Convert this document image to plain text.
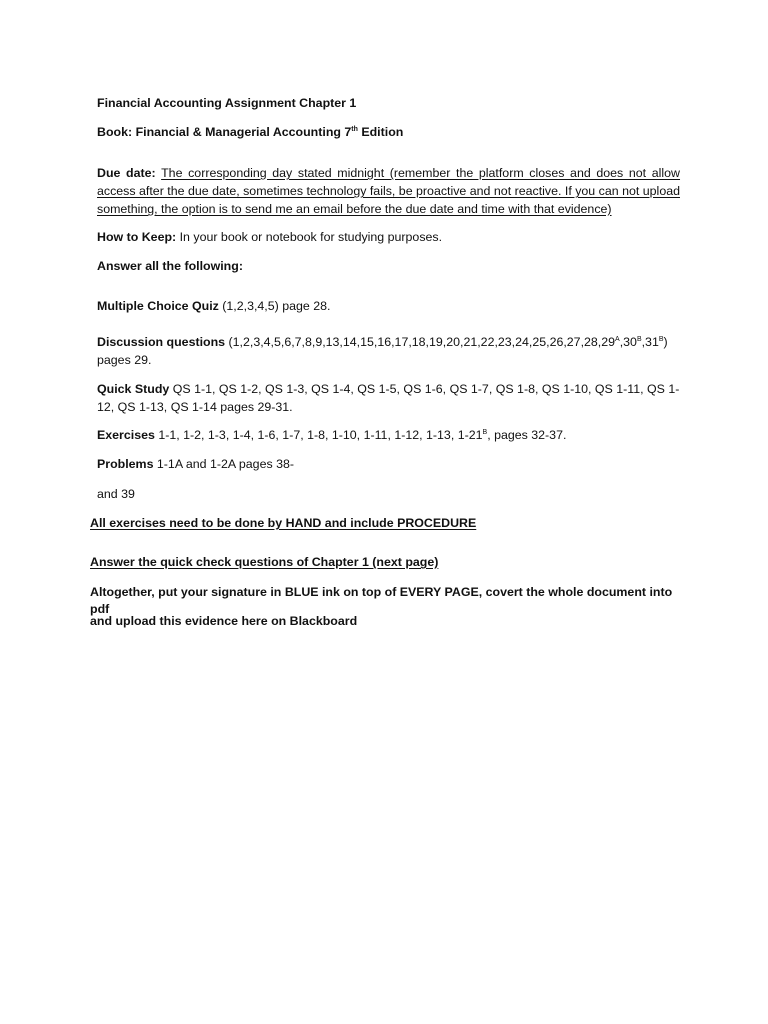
Financial Accounting Assignment Chapter 1
Book: Financial & Managerial Accounting 7th Edition
Due date: The corresponding day stated midnight (remember the platform closes and does not allow access after the due date, sometimes technology fails, be proactive and not reactive. If you can not upload something, the option is to send me an email before the due date and time with that evidence)
How to Keep: In your book or notebook for studying purposes.
Answer all the following:
Multiple Choice Quiz (1,2,3,4,5) page 28.
Discussion questions $(1,2,3,4,5,6,7,8,9,13,14,15,16,17,18,19,20,21,22,23,24,25,26,27,28,29^A,30^B,31^B)$ pages 29.
Quick Study QS 1-1, QS 1-2, QS 1-3, QS 1-4, QS 1-5, QS 1-6, QS 1-7, QS 1-8, QS 1-10, QS 1-11, QS 1-12, QS 1-13, QS 1-14 pages 29-31.
Exercises 1-1, 1-2, 1-3, 1-4, 1-6, 1-7, 1-8, 1-10, 1-11, 1-12, 1-13, $1-21^B$, pages 32-37.
Problems 1-1A and 1-2A pages 38-
and 39
All exercises need to be done by HAND and include PROCEDURE
Answer the quick check questions of Chapter 1 (next page)
Altogether, put your signature in BLUE ink on top of EVERY PAGE, covert the whole document into pdf
and upload this evidence here on Blackboard
